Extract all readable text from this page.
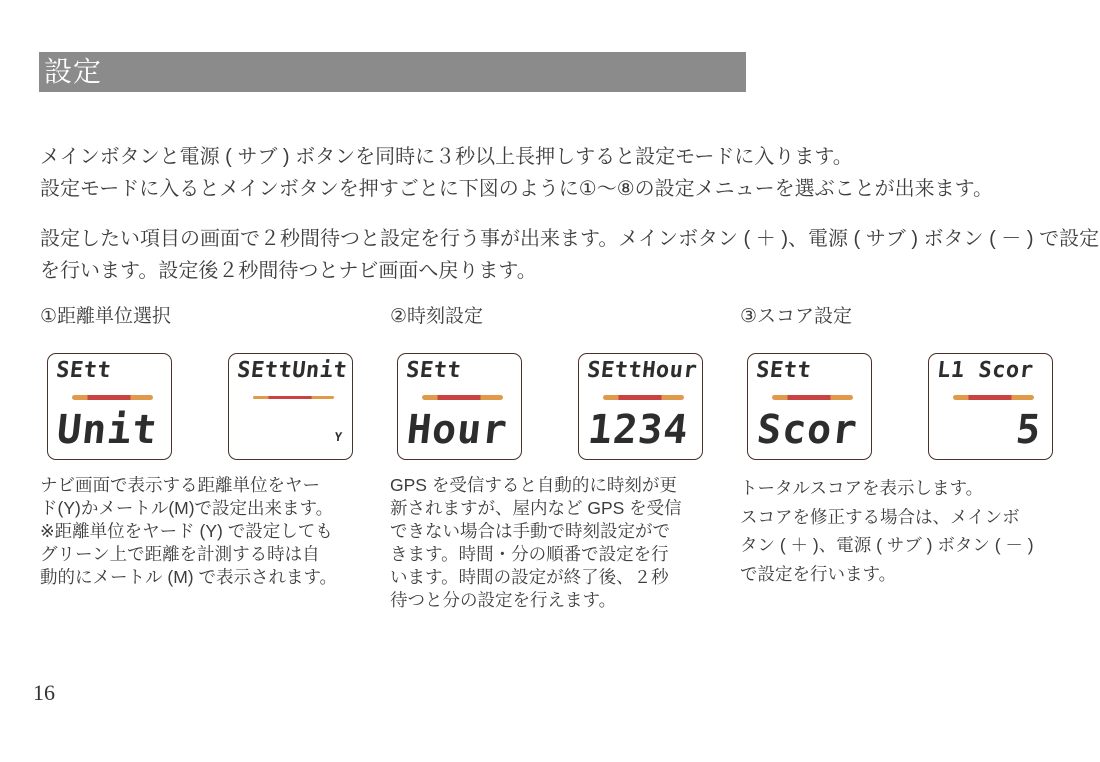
設定
メインボタンと電源 ( サブ ) ボタンを同時に３秒以上長押しすると設定モードに入ります。
設定モードに入るとメインボタンを押すごとに下図のように①〜⑧の設定メニューを選ぶことが出来ます。
設定したい項目の画面で２秒間待つと設定を行う事が出来ます。メインボタン ( ＋ )、電源 ( サブ ) ボタン ( － ) で設定
を行います。設定後２秒間待つとナビ画面へ戻ります。
①距離単位選択
SEtt
Unit
SEttUnit
Y
ナビ画面で表示する距離単位をヤー
ド(Y)かメートル(M)で設定出来ます。
※距離単位をヤード (Y) で設定しても
グリーン上で距離を計測する時は自
動的にメートル (M) で表示されます。
②時刻設定
SEtt
Hour
SEttHour
1234
GPS を受信すると自動的に時刻が更
新されますが、屋内など GPS を受信
できない場合は手動で時刻設定がで
きます。時間・分の順番で設定を行
います。時間の設定が終了後、２秒
待つと分の設定を行えます。
③スコア設定
SEtt
Scor
L1 Scor
5
トータルスコアを表示します。
スコアを修正する場合は、メインボ
タン ( ＋ )、電源 ( サブ ) ボタン ( － )
で設定を行います。
16
